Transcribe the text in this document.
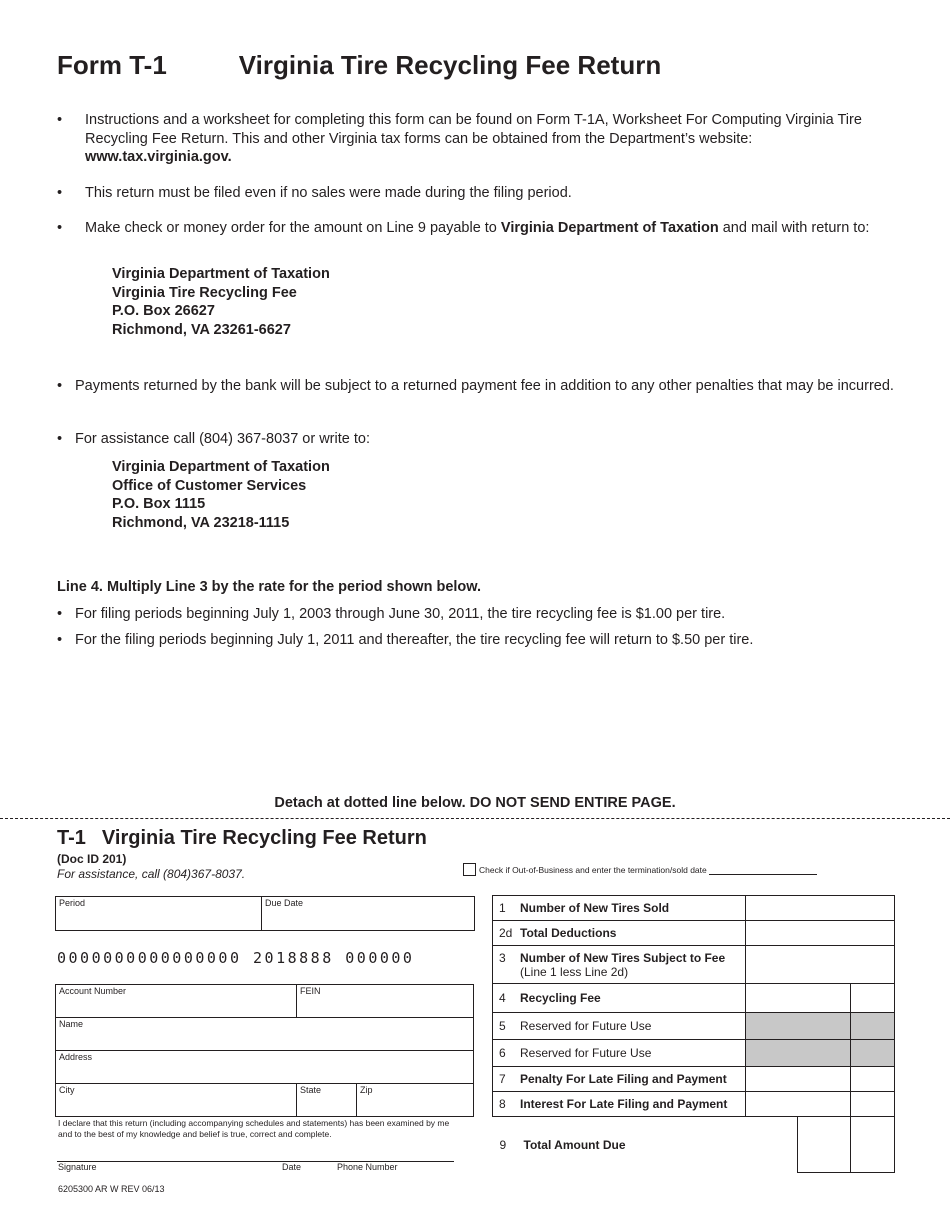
Form T-1	Virginia Tire Recycling Fee Return
•	Instructions and a worksheet for completing this form can be found on Form T-1A, Worksheet For Computing Virginia Tire Recycling Fee Return. This and other Virginia tax forms can be obtained from the Department’s website: www.tax.virginia.gov.
•	This return must be filed even if no sales were made during the filing period.
•	Make check or money order for the amount on Line 9 payable to Virginia Department of Taxation and mail with return to:
Virginia Department of Taxation
Virginia Tire Recycling Fee
P.O. Box 26627
Richmond, VA 23261-6627
• Payments returned by the bank will be subject to a returned payment fee in addition to any other penalties that may be incurred.
• For assistance call (804) 367-8037 or write to:
Virginia Department of Taxation
Office of Customer Services
P.O. Box 1115
Richmond, VA 23218-1115
Line 4. Multiply Line 3 by the rate for the period shown below.
• For filing periods beginning July 1, 2003 through June 30, 2011, the tire recycling fee is $1.00 per tire.
• For the filing periods beginning July 1, 2011 and thereafter, the tire recycling fee will return to $.50 per tire.
Detach at dotted line below. DO NOT SEND ENTIRE PAGE.
T-1 Virginia Tire Recycling Fee Return
(Doc ID 201)
For assistance, call (804)367-8037.	Check if Out-of-Business and enter the termination/sold date
Period	Due Date
0000000000000000 2018888 000000
Account Number	FEIN
Name
Address
City	State	Zip
I declare that this return (including accompanying schedules and statements) has been examined by me and to the best of my knowledge and belief is true, correct and complete.
Signature	Date	Phone Number
6205300 AR W REV 06/13
1 Number of New Tires Sold			
2d Total Deductions			
3 Number of New Tires Subject to Fee
(Line 1 less Line 2d)			

4 Recycling Fee			
5 Reserved for Future Use			
6 Reserved for Future Use			
7 Penalty For Late Filing and Payment			
8 Interest For Late Filing and Payment			
9 Total Amount Due			
